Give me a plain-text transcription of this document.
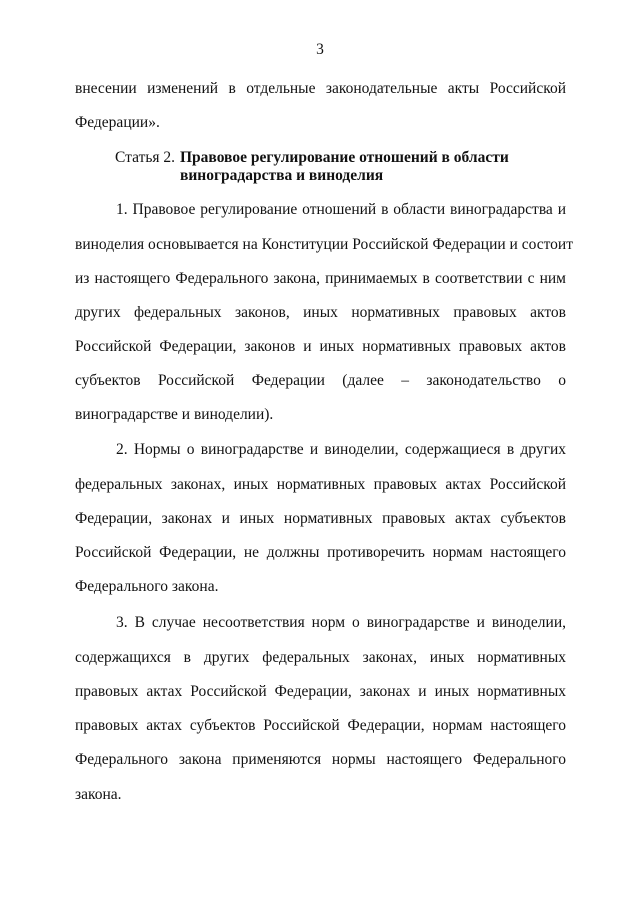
3
внесении изменений в отдельные законодательные акты Российской
Федерации».
Статья 2. Правовое регулирование отношений в области
виноградарства и виноделия
1. Правовое регулирование отношений в области виноградарства и
виноделия основывается на Конституции Российской Федерации и состоит
из настоящего Федерального закона, принимаемых в соответствии с ним
других федеральных законов, иных нормативных правовых актов
Российской Федерации, законов и иных нормативных правовых актов
субъектов Российской Федерации (далее – законодательство о
виноградарстве и виноделии).
2. Нормы о виноградарстве и виноделии, содержащиеся в других
федеральных законах, иных нормативных правовых актах Российской
Федерации, законах и иных нормативных правовых актах субъектов
Российской Федерации, не должны противоречить нормам настоящего
Федерального закона.
3. В случае несоответствия норм о виноградарстве и виноделии,
содержащихся в других федеральных законах, иных нормативных
правовых актах Российской Федерации, законах и иных нормативных
правовых актах субъектов Российской Федерации, нормам настоящего
Федерального закона применяются нормы настоящего Федерального
закона.
